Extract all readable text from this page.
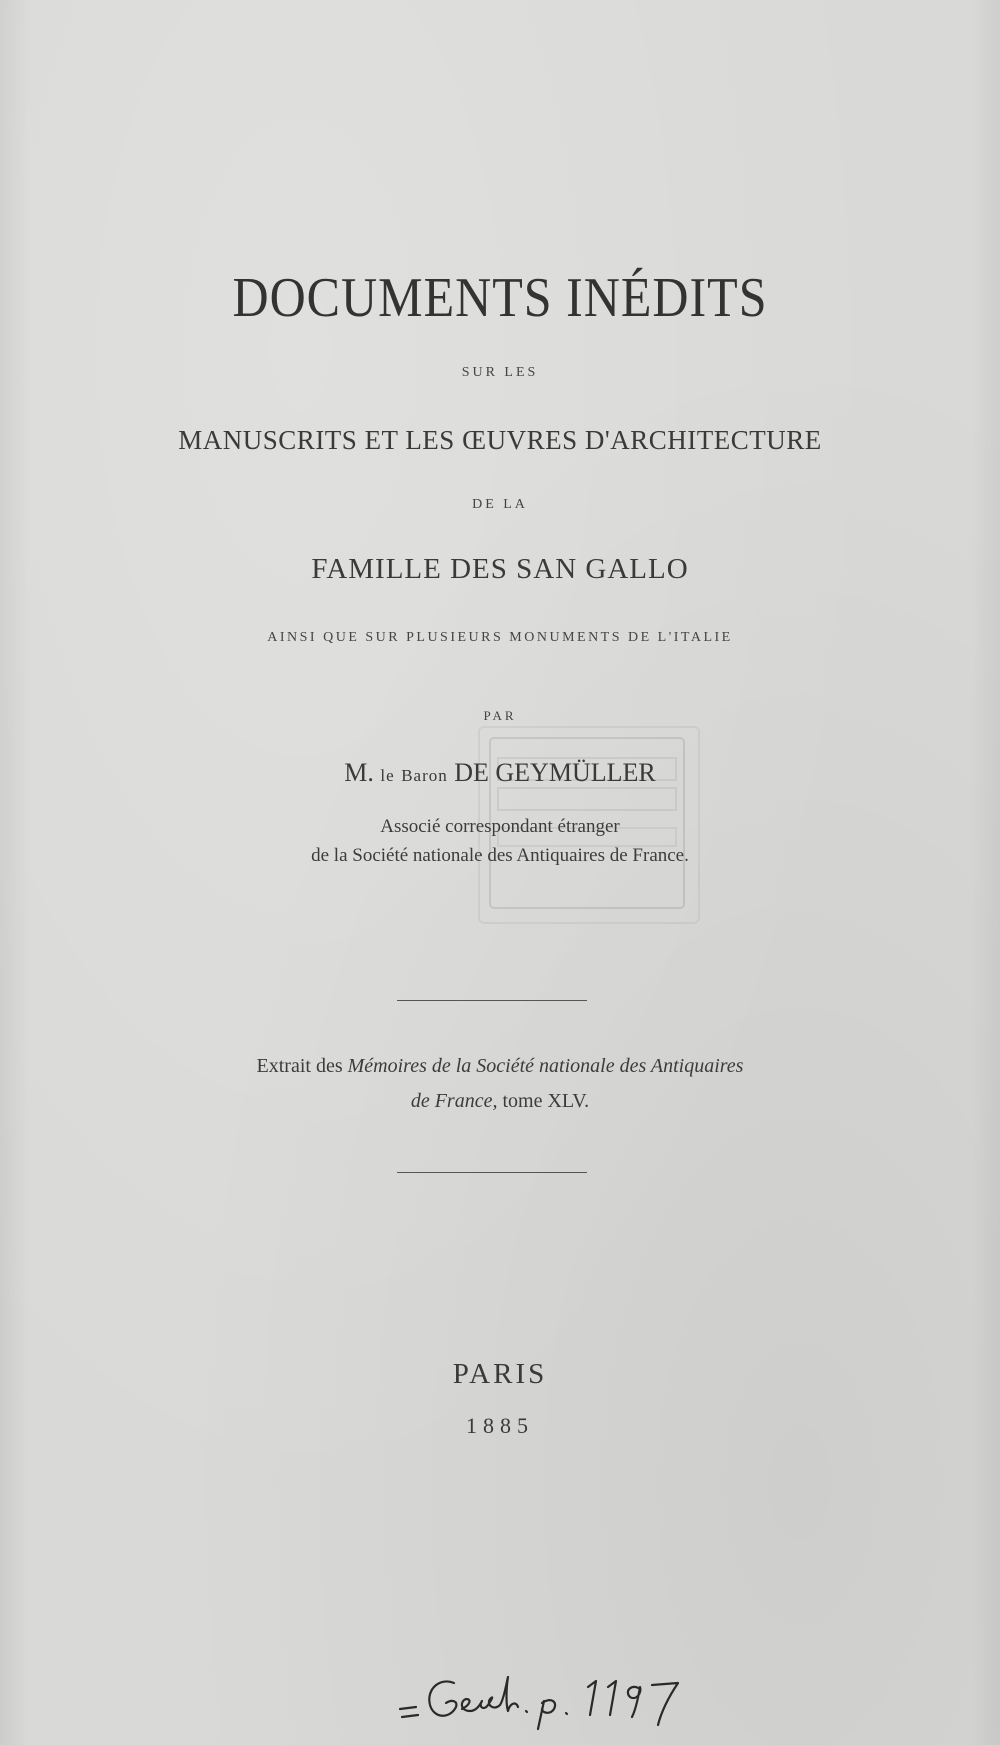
DOCUMENTS INÉDITS
SUR LES
MANUSCRITS ET LES ŒUVRES D'ARCHITECTURE
DE LA
FAMILLE DES SAN GALLO
AINSI QUE SUR PLUSIEURS MONUMENTS DE L'ITALIE
PAR
M. le Baron DE GEYMÜLLER
Associé correspondant étranger
de la Société nationale des Antiquaires de France.
Extrait des Mémoires de la Société nationale des Antiquaires
de France, tome XLV.
PARIS
1885
